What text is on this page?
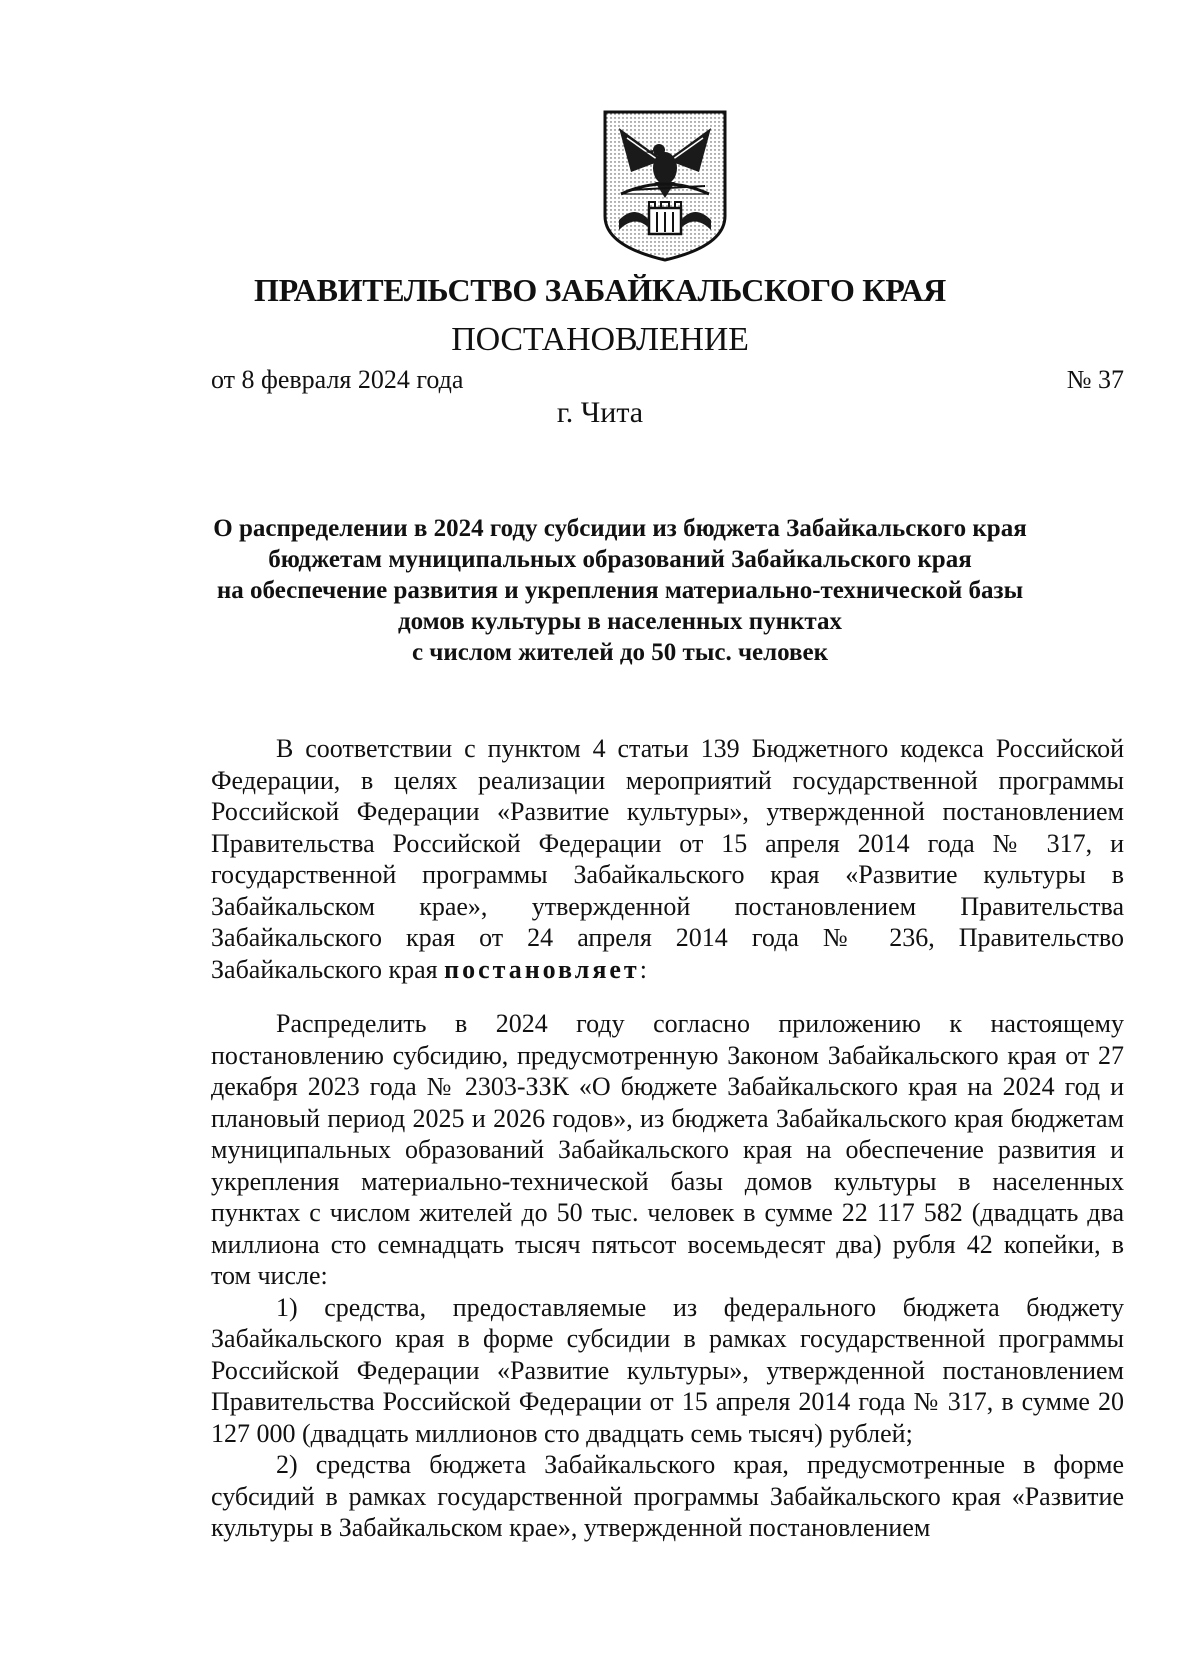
ПРАВИТЕЛЬСТВО ЗАБАЙКАЛЬСКОГО КРАЯ
ПОСТАНОВЛЕНИЕ
от 8 февраля 2024 года	№ 37
г. Чита
О распределении в 2024 году субсидии из бюджета Забайкальского края
бюджетам муниципальных образований Забайкальского края
на обеспечение развития и укрепления материально-технической базы
домов культуры в населенных пунктах
с числом жителей до 50 тыс. человек

В соответствии с пунктом 4 статьи 139 Бюджетного кодекса Российской Федерации, в целях реализации мероприятий государственной программы Российской Федерации «Развитие культуры», утвержденной постановлением Правительства Российской Федерации от 15 апреля 2014 года № 317, и государственной программы Забайкальского края «Развитие культуры в Забайкальском крае», утвержденной постановлением Правительства Забайкальского края от 24 апреля 2014 года № 236, Правительство Забайкальского края постановляет:

Распределить в 2024 году согласно приложению к настоящему постановлению субсидию, предусмотренную Законом Забайкальского края от 27 декабря 2023 года № 2303-ЗЗК «О бюджете Забайкальского края на 2024 год и плановый период 2025 и 2026 годов», из бюджета Забайкальского края бюджетам муниципальных образований Забайкальского края на обеспечение развития и укрепления материально-технической базы домов культуры в населенных пунктах с числом жителей до 50 тыс. человек в сумме 22 117 582 (двадцать два миллиона сто семнадцать тысяч пятьсот восемьдесят два) рубля 42 копейки, в том числе:

1) средства, предоставляемые из федерального бюджета бюджету Забайкальского края в форме субсидии в рамках государственной программы Российской Федерации «Развитие культуры», утвержденной постановлением Правительства Российской Федерации от 15 апреля 2014 года № 317, в сумме 20 127 000 (двадцать миллионов сто двадцать семь тысяч) рублей;

2) средства бюджета Забайкальского края, предусмотренные в форме субсидий в рамках государственной программы Забайкальского края «Развитие культуры в Забайкальском крае», утвержденной постановлением
